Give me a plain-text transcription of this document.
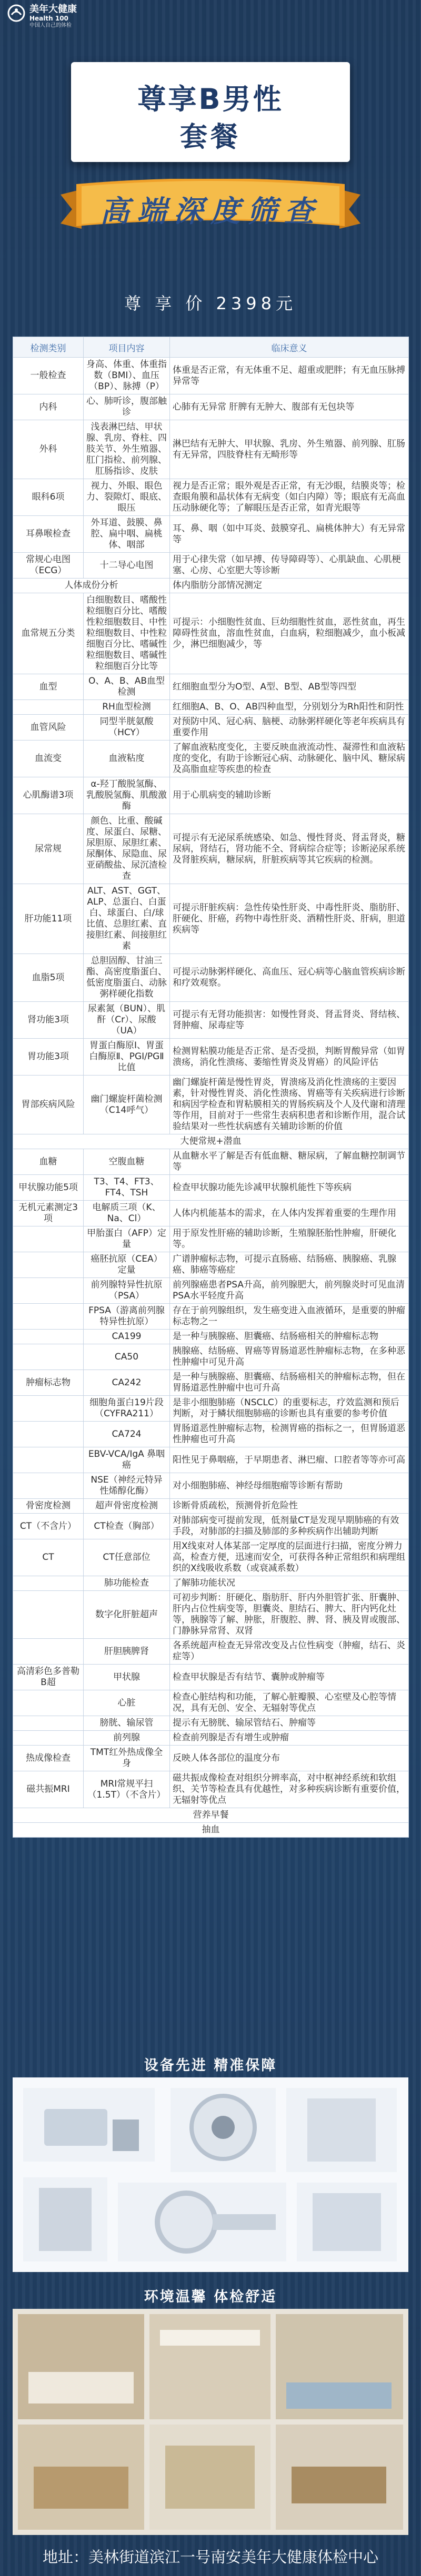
美年大健康
Health 100
中国人自己的体检
尊享B男性
套餐
高端深度筛查
尊 享 价 2398元
检测类别	项目内容	临床意义
一般检查	身高、体重、体重指数（BMI）、血压（BP）、脉搏（P）	体重是否正常，有无体重不足、超重或肥胖；有无血压脉搏异常等
内科	心、肺听诊，腹部触诊	心肺有无异常 肝脾有无肿大、腹部有无包块等
外科	浅表淋巴结、甲状腺、乳房、脊柱、四肢关节、外生殖器、肛门指检、前列腺、肛肠指诊、皮肤	淋巴结有无肿大、甲状腺、乳房、外生殖器、前列腺、肛肠有无异常，四肢脊柱有无畸形等
眼科6项	视力、外眼、眼色力、裂隙灯、眼底、眼压	视力是否正常；眼外观是否正常，有无沙眼，结膜炎等；检查眼角膜和晶状体有无病变（如白内障）等；眼底有无高血压动脉硬化等；了解眼压是否正常，如青光眼等
耳鼻喉检查	外耳道、鼓膜、鼻腔、扁中咽、扁桃体、咽部	耳、鼻、咽（如中耳炎、鼓膜穿孔、扁桃体肿大）有无异常等
常规心电图（ECG）	十二导心电图	用于心律失常（如早搏、传导障碍等）、心肌缺血、心肌梗塞、心房、心室肥大等诊断
人体成份分析		体内脂肪分部情况测定
血常规五分类	白细胞数目、嗜酸性粒细胞百分比、嗜酸性粒细胞数目、中性粒细胞数目、中性粒细胞百分比、嗜碱性粒细胞数目、嗜碱性粒细胞百分比等	可提示：小细胞性贫血、巨幼细胞性贫血，恶性贫血，再生障碍性贫血，溶血性贫血，白血病，粒细胞减少，血小板减少，淋巴细胞减少，等
血型	O、A、B、AB血型检测	红细胞血型分为O型、A型、B型、AB型等四型
	RH血型检测	红细胞A、B、O、AB四种血型，分别划分为Rh阳性和阴性
血管风险	同型半胱氨酸（HCY）	对预防中风、冠心病、脑梗、动脉粥样硬化等老年疾病具有重要作用
血流变	血液粘度	了解血液粘度变化，主要反映血液流动性、凝滞性和血液粘度的变化，有助于诊断冠心病、动脉硬化、脑中风、糖尿病及高脂血症等疾患的检查
心肌酶谱3项	α-羟丁酸脱氢酶、乳酸脱氢酶、肌酸激酶	用于心肌病变的辅助诊断
尿常规	颜色、比重、酸碱度、尿蛋白、尿糖、尿胆原、尿胆红素、尿酮体、尿隐血、尿亚硝酸盐、尿沉渣检查	可提示有无泌尿系统感染、如急、慢性肾炎、肾盂肾炎，糖尿病，肾结石，肾功能不全、肾病综合症等；诊断泌尿系统及肾脏疾病，糖尿病，肝脏疾病等其它疾病的检测。
肝功能11项	ALT、AST、GGT、ALP、总蛋白、白蛋白、球蛋白、白/球比值、总胆红素、直接胆红素、间接胆红素	可提示肝脏疾病：急性传染性肝炎、中毒性肝炎、脂肪肝、肝硬化、肝癌，药物中毒性肝炎、酒精性肝炎、肝病，胆道疾病等
血脂5项	总胆固醇、甘油三酯、高密度脂蛋白、低密度脂蛋白、动脉粥样硬化指数	可提示动脉粥样硬化、高血压、冠心病等心脑血管疾病诊断和疗效观察。
肾功能3项	尿素氮（BUN）、肌酐（Cr）、尿酸（UA）	可提示有无肾功能损害：如慢性肾炎、肾盂肾炎、肾结核、肾肿瘤、尿毒症等
胃功能3项	胃蛋白酶原Ⅰ、胃蛋白酶原Ⅱ、PGⅠ/PGⅡ比值	检测胃粘膜功能是否正常、是否受损，判断胃酸异常（如胃溃疡，消化性溃疡、萎缩性胃炎及胃癌）的风险评估
胃部疾病风险	幽门螺旋杆菌检测（C14呼气）	幽门螺旋杆菌是慢性胃炎，胃溃疡及消化性溃疡的主要因素，针对慢性胃炎、消化性溃疡、胃癌等有关疾病进行诊断和病因学检查和胃粘膜相关的胃肠疾病及个人及代谢和清理等作用，目前对于一些常生表病积患者和诊断作用，混合试验结果对一些性状病感有关辅助诊断的价值
大便常规+潜血		
血糖	空腹血糖	从血糖水平了解是否有低血糖、糖尿病，了解血糖控制调节等
甲状腺功能5项	T3、T4、FT3、FT4、TSH	检查甲状腺功能先诊减甲状腺机能性下等疾病
无机元素测定3项	电解质三项（K、Na、Cl）	人体内机能基本的需求，在人体内发挥着重要的生理作用
	甲胎蛋白（AFP）定量	用于原发性肝癌的辅助诊断，生殖腺胚胎性肿瘤，肝硬化等。
	癌胚抗原（CEA）定量	广谱肿瘤标志物，可提示直肠癌、结肠癌、胰腺癌、乳腺癌、肺癌等癌症
	前列腺特异性抗原（PSA）	前列腺癌患者PSA升高，前列腺肥大，前列腺炎时可见血清PSA水平轻度升高
	FPSA（游离前列腺特异性抗原）	存在于前列腺组织，发生癌变进入血液循环，是重要的肿瘤标志物之一
	CA199	是一种与胰腺癌、胆囊癌、结肠癌相关的肿瘤标志物
	CA50	胰腺癌、结肠癌、胃癌等胃肠道恶性肿瘤标志物，在多种恶性肿瘤中可见升高
肿瘤标志物	CA242	是一种与胰腺癌、胆囊癌、结肠癌相关的肿瘤标志物，但在胃肠道恶性肿瘤中也可升高
	细胞角蛋白19片段（CYFRA211）	是非小细胞肺癌（NSCLC）的重要标志，疗效监测和预后判断，对于鳞状细胞肺癌的诊断也具有重要的参考价值
	CA724	胃肠道恶性肿瘤标志物，检测胃癌的指标之一，但胃肠道恶性肿瘤也可升高
	EBV-VCA/IgA 鼻咽癌	阳性见于鼻咽癌，于早期患者、淋巴瘤、口腔者等等亦可高
	NSE（神经元特异性烯醇化酶）	对小细胞肺癌、神经母细胞瘤等诊断有帮助
骨密度检测	超声骨密度检测	诊断骨质疏松，预测骨折危险性
CT（不含片）	CT检查（胸部）	对肺部病变可提前发现，低剂量CT是发现早期肺癌的有效手段，对肺部的扫描及肺部的多种疾病作出辅助判断
CT	CT任意部位	用X线束对人体某部一定厚度的层面进行扫描，密度分辨力高，检查方便，迅速而安全，可获得各种正常组织和病理组织的X线吸收系数（或衰减系数）
	肺功能检查	了解肺功能状况
	数字化肝脏超声	可初步判断：肝硬化、脂肪肝、肝内外胆管扩张、肝囊肿、肝内占位性病变等，胆囊炎、胆结石、脾大、肝内钙化灶等，胰腺等了解、肿胀，肝腹腔、脾、肾、胰及胃或腹部、门静脉异常肾、双肾
	肝胆胰脾肾	各系统超声检查无异常改变及占位性病变（肿瘤，结石、炎症等）
高清彩色多普勒B超	甲状腺	检查甲状腺是否有结节、囊肿或肿瘤等
	心脏	检查心脏结构和功能，了解心脏瓣膜、心室壁及心腔等情况，具有无创、安全、无辐射等优点
	膀胱、输尿管	提示有无膀胱、输尿管结石、肿瘤等
	前列腺	检查前列腺是否有增生或肿瘤
热成像检查	TMT红外热成像全身	反映人体各部位的温度分布
磁共振MRI	MRI常规平扫（1.5T）（不含片）	磁共振成像检查对组织分辨率高，对中枢神经系统和软组织、关节等检查具有优越性，对多种疾病诊断有重要价值，无辐射等优点
营养早餐		
抽血		
设备先进 精准保障
环境温馨 体检舒适
地址：美林街道滨江一号南安美年大健康体检中心
